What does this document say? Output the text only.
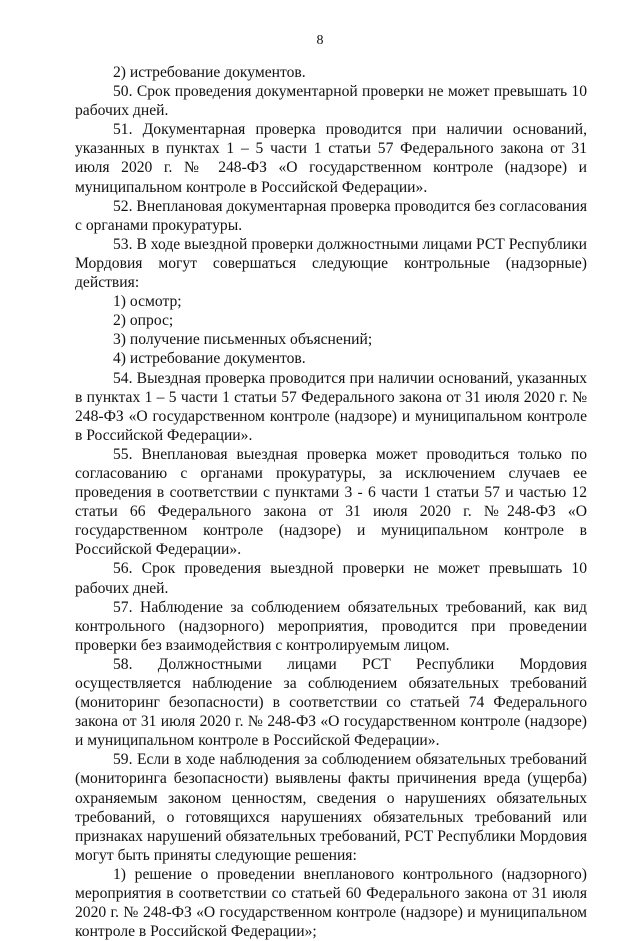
8

2) истребование документов.

50. Срок проведения документарной проверки не может превышать 10 рабочих дней.

51. Документарная проверка проводится при наличии оснований, указанных в пунктах 1 – 5 части 1 статьи 57 Федерального закона от 31 июля 2020 г. № 248-ФЗ «О государственном контроле (надзоре) и муниципальном контроле в Российской Федерации».

52. Внеплановая документарная проверка проводится без согласования с органами прокуратуры.

53. В ходе выездной проверки должностными лицами РСТ Республики Мордовия могут совершаться следующие контрольные (надзорные) действия:

1) осмотр;

2) опрос;

3) получение письменных объяснений;

4) истребование документов.

54. Выездная проверка проводится при наличии оснований, указанных в пунктах 1 – 5 части 1 статьи 57 Федерального закона от 31 июля 2020 г. № 248-ФЗ «О государственном контроле (надзоре) и муниципальном контроле в Российской Федерации».

55. Внеплановая выездная проверка может проводиться только по согласованию с органами прокуратуры, за исключением случаев ее проведения в соответствии с пунктами 3 - 6 части 1 статьи 57 и частью 12 статьи 66 Федерального закона от 31 июля 2020 г. №248-ФЗ «О государственном контроле (надзоре) и муниципальном контроле в Российской Федерации».

56. Срок проведения выездной проверки не может превышать 10 рабочих дней.

57. Наблюдение за соблюдением обязательных требований, как вид контрольного (надзорного) мероприятия, проводится при проведении проверки без взаимодействия с контролируемым лицом.

58. Должностными лицами РСТ Республики Мордовия осуществляется наблюдение за соблюдением обязательных требований (мониторинг безопасности) в соответствии со статьей 74 Федерального закона от 31 июля 2020 г. № 248-ФЗ «О государственном контроле (надзоре) и муниципальном контроле в Российской Федерации».

59. Если в ходе наблюдения за соблюдением обязательных требований (мониторинга безопасности) выявлены факты причинения вреда (ущерба) охраняемым законом ценностям, сведения о нарушениях обязательных требований, о готовящихся нарушениях обязательных требований или признаках нарушений обязательных требований, РСТ Республики Мордовия могут быть приняты следующие решения:

1) решение о проведении внепланового контрольного (надзорного) мероприятия в соответствии со статьей 60 Федерального закона от 31 июля 2020 г. № 248-ФЗ «О государственном контроле (надзоре) и муниципальном контроле в Российской Федерации»;
